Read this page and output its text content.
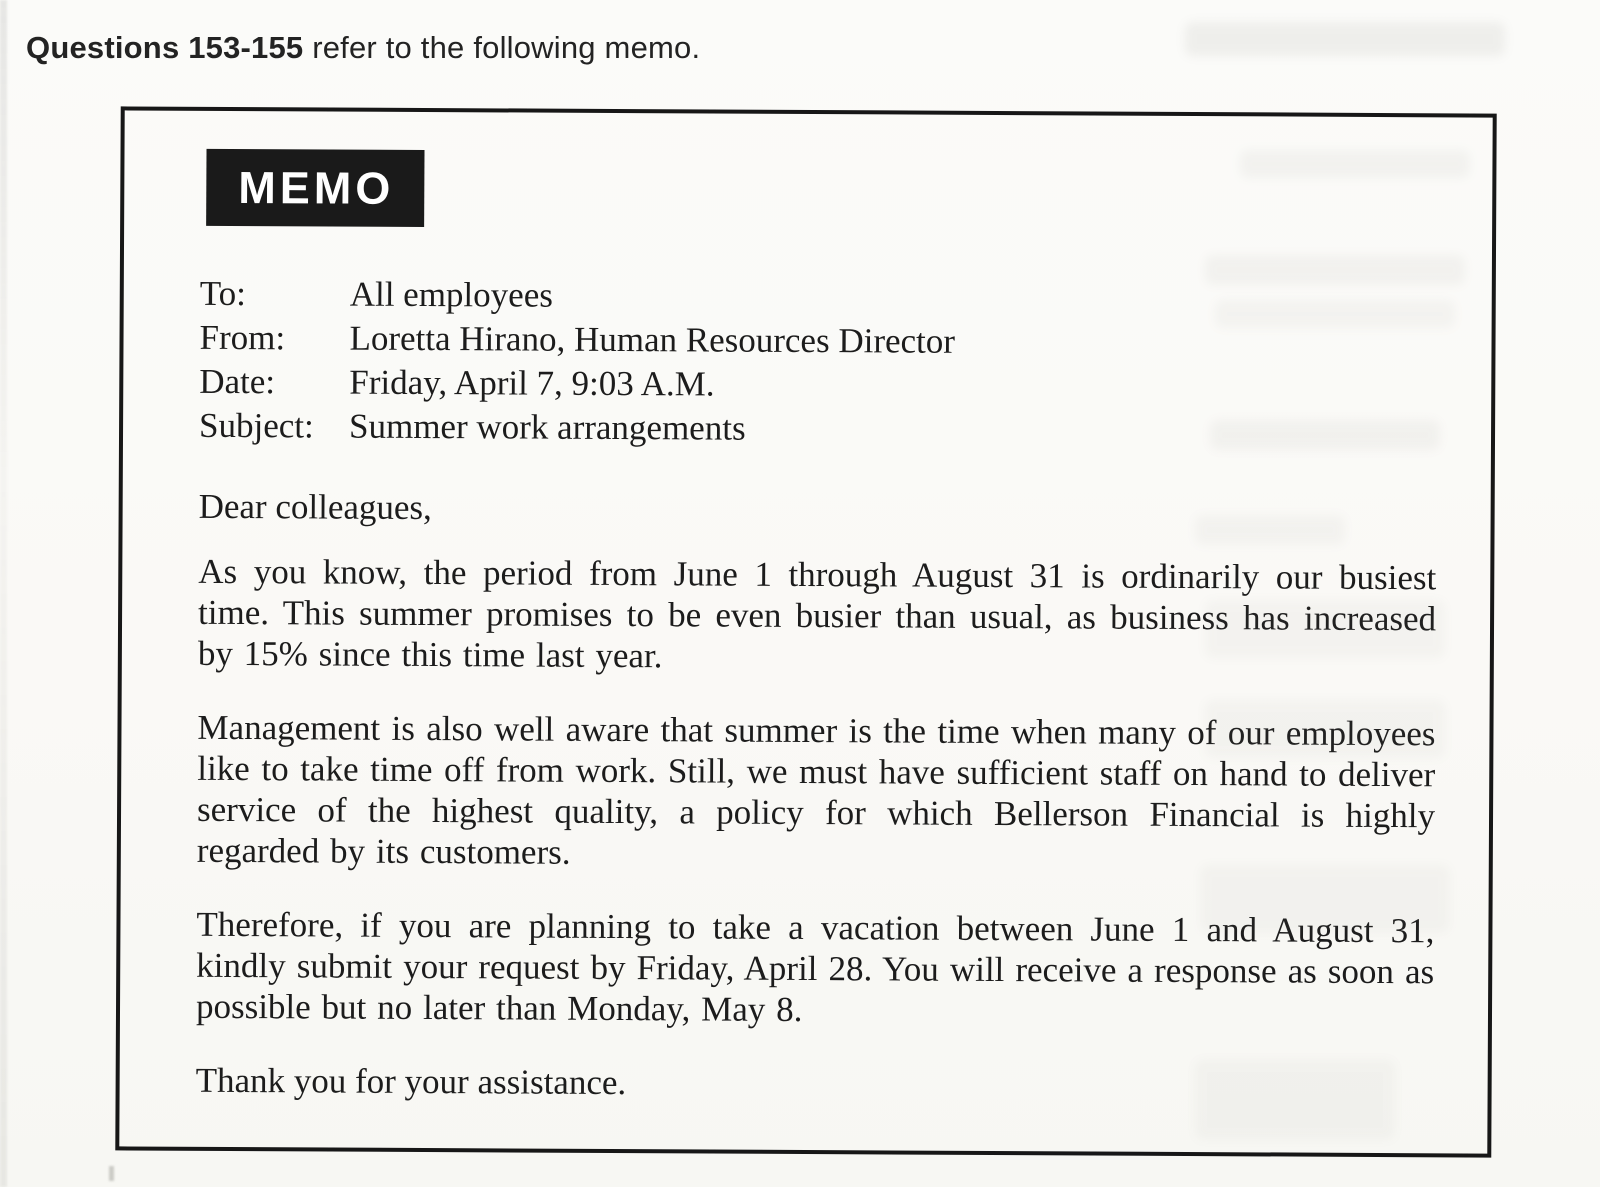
Questions 153-155 refer to the following memo.
MEMO
To:	All employees
From:	Loretta Hirano, Human Resources Director
Date:	Friday, April 7, 9:03 A.M.
Subject:	Summer work arrangements

Dear colleagues,

As you know, the period from June 1 through August 31 is ordinarily our busiest time. This summer promises to be even busier than usual, as business has increased by 15% since this time last year.

Management is also well aware that summer is the time when many of our employees like to take time off from work. Still, we must have sufficient staff on hand to deliver service of the highest quality, a policy for which Bellerson Financial is highly regarded by its customers.

Therefore, if you are planning to take a vacation between June 1 and August 31, kindly submit your request by Friday, April 28. You will receive a response as soon as possible but no later than Monday, May 8.

Thank you for your assistance.
